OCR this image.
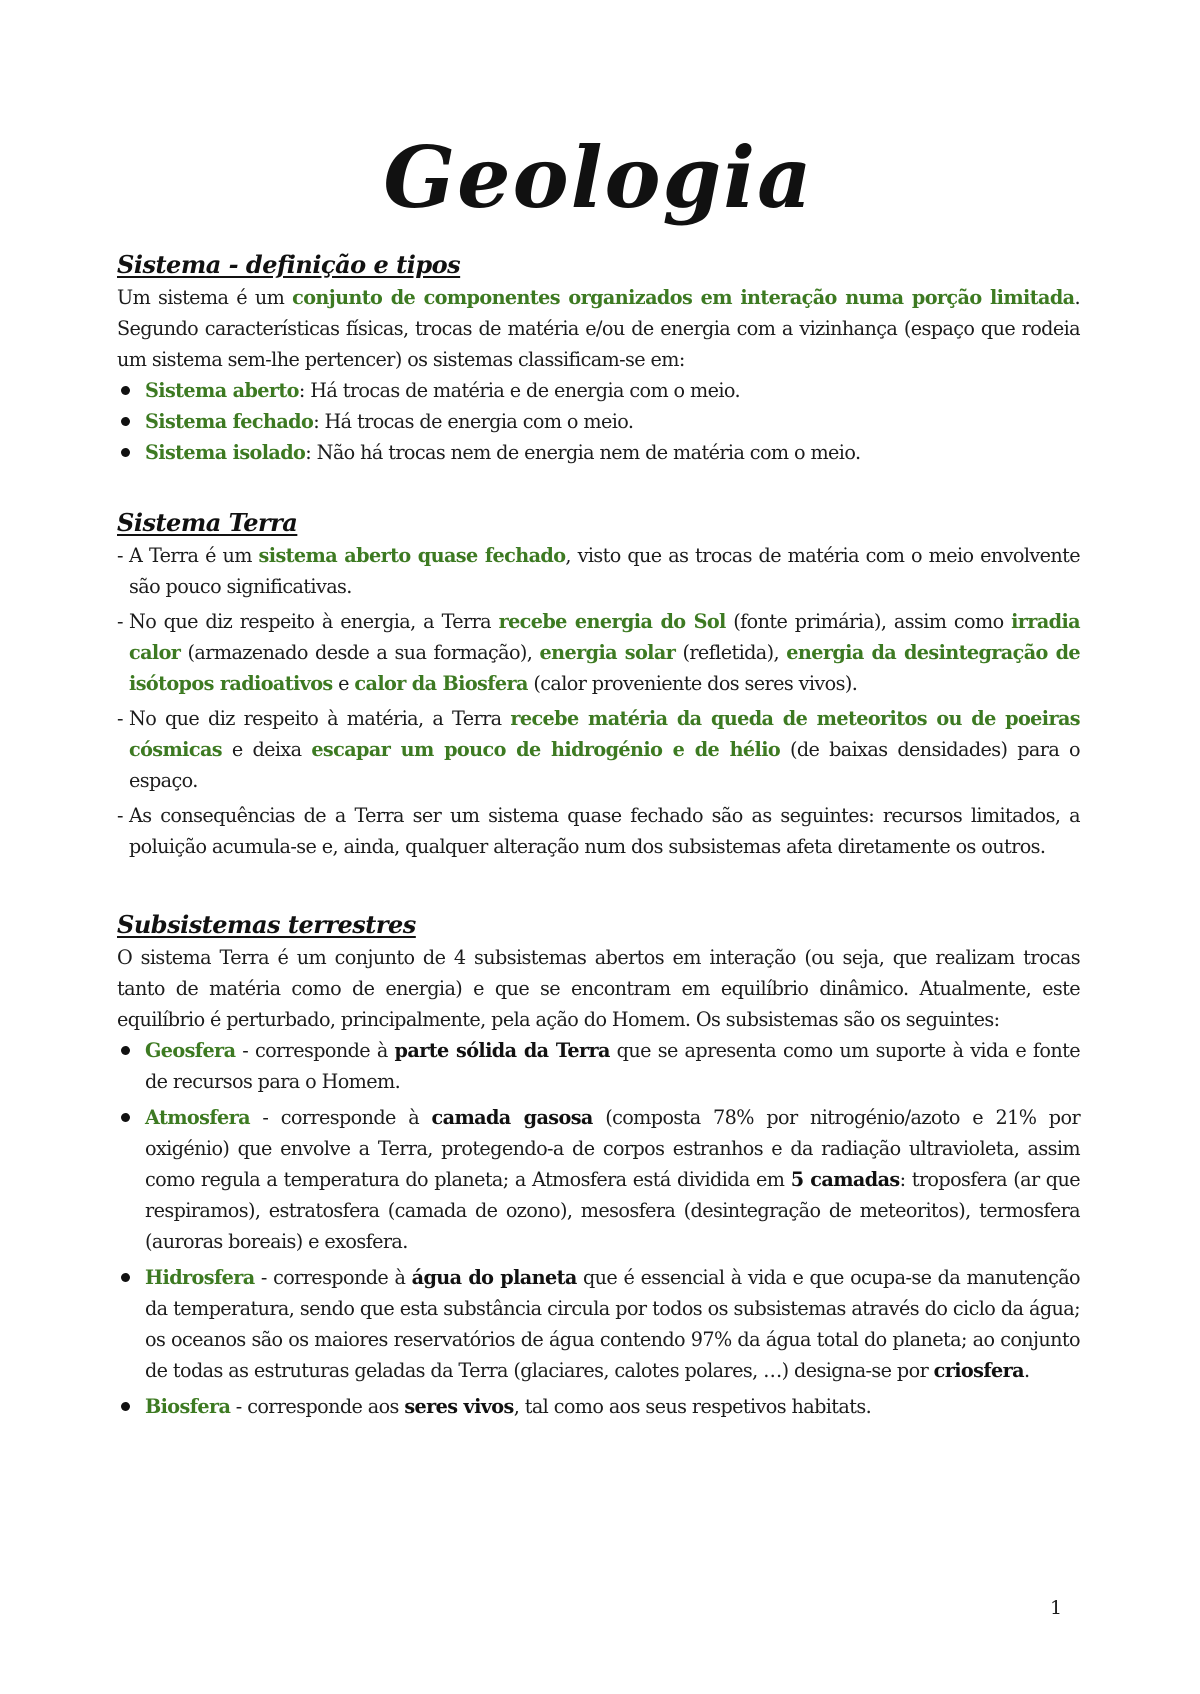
Geologia
Sistema - definição e tipos

Um sistema é um conjunto de componentes organizados em interação numa porção limitada. Segundo características físicas, trocas de matéria e/ou de energia com a vizinhança (espaço que rodeia um sistema sem-lhe pertencer) os sistemas classificam-se em:

Sistema aberto: Há trocas de matéria e de energia com o meio.
Sistema fechado: Há trocas de energia com o meio.
Sistema isolado: Não há trocas nem de energia nem de matéria com o meio.
Sistema Terra
- A Terra é um sistema aberto quase fechado, visto que as trocas de matéria com o meio envolvente são pouco significativas.
- No que diz respeito à energia, a Terra recebe energia do Sol (fonte primária), assim como irradia calor (armazenado desde a sua formação), energia solar (refletida), energia da desintegração de isótopos radioativos e calor da Biosfera (calor proveniente dos seres vivos).
- No que diz respeito à matéria, a Terra recebe matéria da queda de meteoritos ou de poeiras cósmicas e deixa escapar um pouco de hidrogénio e de hélio (de baixas densidades) para o espaço.
- As consequências de a Terra ser um sistema quase fechado são as seguintes: recursos limitados, a poluição acumula-se e, ainda, qualquer alteração num dos subsistemas afeta diretamente os outros.
Subsistemas terrestres

O sistema Terra é um conjunto de 4 subsistemas abertos em interação (ou seja, que realizam trocas tanto de matéria como de energia) e que se encontram em equilíbrio dinâmico. Atualmente, este equilíbrio é perturbado, principalmente, pela ação do Homem. Os subsistemas são os seguintes:

Geosfera - corresponde à parte sólida da Terra que se apresenta como um suporte à vida e fonte de recursos para o Homem.
Atmosfera - corresponde à camada gasosa (composta 78% por nitrogénio/azoto e 21% por oxigénio) que envolve a Terra, protegendo-a de corpos estranhos e da radiação ultravioleta, assim como regula a temperatura do planeta; a Atmosfera está dividida em 5 camadas: troposfera (ar que respiramos), estratosfera (camada de ozono), mesosfera (desintegração de meteoritos), termosfera (auroras boreais) e exosfera.
Hidrosfera - corresponde à água do planeta que é essencial à vida e que ocupa-se da manutenção da temperatura, sendo que esta substância circula por todos os subsistemas através do ciclo da água; os oceanos são os maiores reservatórios de água contendo 97% da água total do planeta; ao conjunto de todas as estruturas geladas da Terra (glaciares, calotes polares, …) designa-se por criosfera.
Biosfera - corresponde aos seres vivos, tal como aos seus respetivos habitats.
1
